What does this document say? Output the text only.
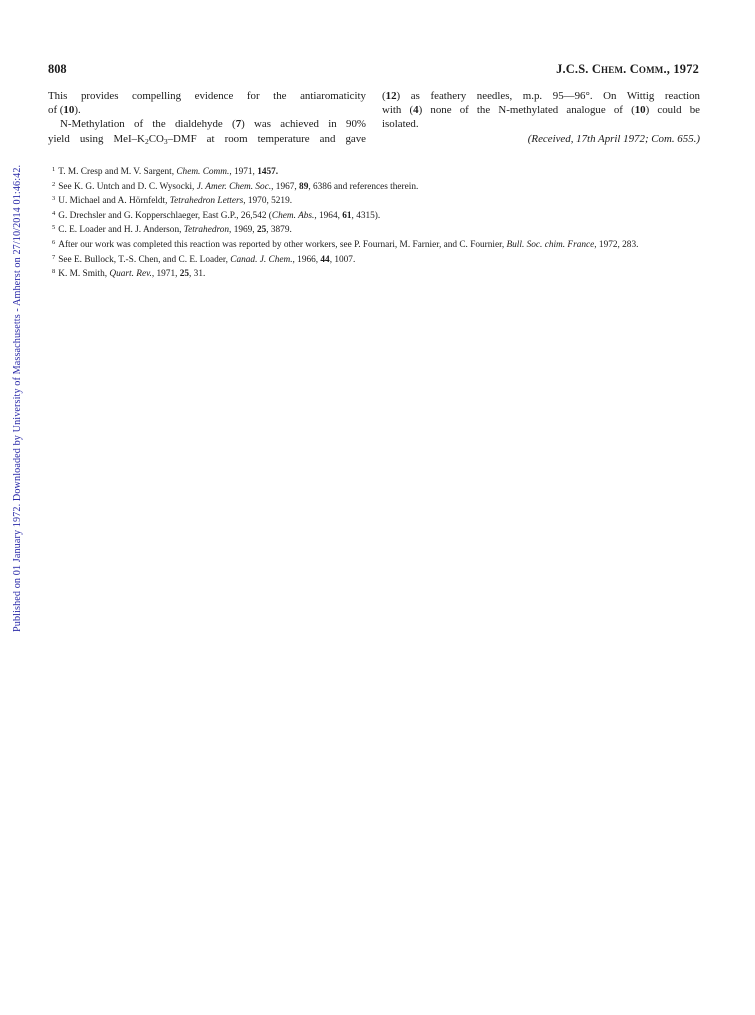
Published on 01 January 1972. Downloaded by University of Massachusetts - Amherst on 27/10/2014 01:46:42.
808	J.C.S. Chem. Comm., 1972

This provides compelling evidence for the antiaromaticity
of (10).

N-Methylation of the dialdehyde (7) was achieved in 90%
yield using MeI–$K_2CO_3$–DMF at room temperature and gave

(12) as feathery needles, m.p. 95—96°. On Wittig reaction
with (4) none of the N-methylated analogue of (10) could be
isolated.

(Received, 17th April 1972; Com. 655.)

$^1$ T. M. Cresp and M. V. Sargent, Chem. Comm., 1971, 1457.
$^2$ See K. G. Untch and D. C. Wysocki, J. Amer. Chem. Soc., 1967, 89, 6386 and references therein.
$^3$ U. Michael and A. Hörnfeldt, Tetrahedron Letters, 1970, 5219.
$^4$ G. Drechsler and G. Kopperschlaeger, East G.P., 26,542 (Chem. Abs., 1964, 61, 4315).
$^5$ C. E. Loader and H. J. Anderson, Tetrahedron, 1969, 25, 3879.
$^6$ After our work was completed this reaction was reported by other workers, see P. Fournari, M. Farnier, and C. Fournier, Bull. Soc. chim. France, 1972, 283.
$^7$ See E. Bullock, T.-S. Chen, and C. E. Loader, Canad. J. Chem., 1966, 44, 1007.
$^8$ K. M. Smith, Quart. Rev., 1971, 25, 31.
